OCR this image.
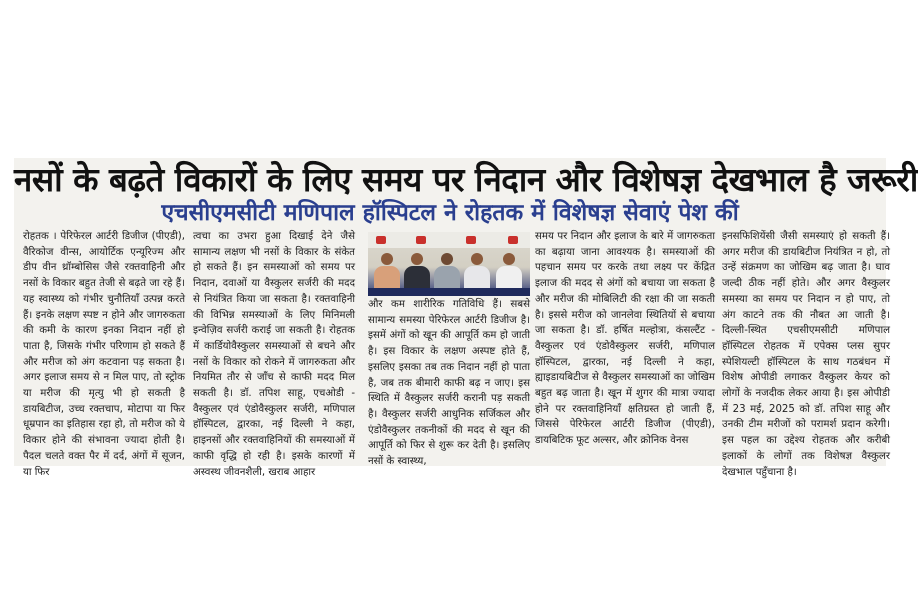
नसों के बढ़ते विकारों के लिए समय पर निदान और विशेषज्ञ देखभाल है जरूरी
एचसीएमसीटी मणिपाल हॉस्पिटल ने रोहतक में विशेषज्ञ सेवाएं पेश कीं
रोहतक । पेरिफेरल आर्टरी डिजीज (पीएडी), वैरिकोज वीन्स, आयोर्टिक एन्यूरिज्म और डीप वीन थ्रॉम्बोसिस जैसे रक्तवाहिनी और नसों के विकार बहुत तेजी से बढ़ते जा रहे हैं। यह स्वास्थ्य को गंभीर चुनौतियाँ उत्पन्न करते हैं। इनके लक्षण स्पष्ट न होने और जागरुकता की कमी के कारण इनका निदान नहीं हो पाता है, जिसके गंभीर परिणाम हो सकते हैं और मरीज को अंग कटवाना पड़ सकता है। अगर इलाज समय से न मिल पाए, तो स्ट्रोक या मरीज की मृत्यु भी हो सकती है डायबिटीज, उच्च रक्तचाप, मोटापा या फिर धूम्रपान का इतिहास रहा हो, तो मरीज को ये विकार होने की संभावना ज्यादा होती है। पैदल चलते वक्त पैर में दर्द, अंगों में सूजन, या फिर
त्वचा का उभरा हुआ दिखाई देने जैसे सामान्य लक्षण भी नसों के विकार के संकेत हो सकते हैं। इन समस्याओं को समय पर निदान, दवाओं या वैस्कुलर सर्जरी की मदद से नियंत्रित किया जा सकता है। रक्तवाहिनी की विभिन्न समस्याओं के लिए मिनिमली इन्वेज़िव सर्जरी कराई जा सकती है। रोहतक में कार्डियोवैस्कुलर समस्याओं से बचने और नसों के विकार को रोकने में जागरुकता और नियमित तौर से जाँच से काफी मदद मिल सकती है। डॉ. तपिश साहू, एचओडी - वैस्कुलर एवं एंडोवैस्कुलर सर्जरी, मणिपाल हॉस्पिटल, द्वारका, नई दिल्ली ने कहा, हाइनसों और रक्तवाहिनियों की समस्याओं में काफी वृद्धि हो रही है। इसके कारणों में अस्वस्थ जीवनशैली, खराब आहार
और कम शारीरिक गतिविधि हैं। सबसे सामान्य समस्या पेरिफेरल आर्टरी डिजीज है। इसमें अंगों को खून की आपूर्ति कम हो जाती है। इस विकार के लक्षण अस्पष्ट होते हैं, इसलिए इसका तब तक निदान नहीं हो पाता है, जब तक बीमारी काफी बढ़ न जाए। इस स्थिति में वैस्कुलर सर्जरी करानी पड़ सकती है। वैस्कुलर सर्जरी आधुनिक सर्जिकल और एंडोवैस्कुलर तकनीकों की मदद से खून की आपूर्ति को फिर से शुरू कर देती है। इसलिए नसों के स्वास्थ्य,
समय पर निदान और इलाज के बारे में जागरुकता का बढ़ाया जाना आवश्यक है। समस्याओं की पहचान समय पर करके तथा लक्ष्य पर केंद्रित इलाज की मदद से अंगों को बचाया जा सकता है और मरीज की मोबिलिटी की रक्षा की जा सकती है। इससे मरीज को जानलेवा स्थितियों से बचाया जा सकता है। डॉ. हर्षित मल्होत्रा, कंसल्टैंट - वैस्कुलर एवं एंडोवैस्कुलर सर्जरी, मणिपाल हॉस्पिटल, द्वारका, नई दिल्ली ने कहा, ह्याइडायबिटीज से वैस्कुलर समस्याओं का जोखिम बहुत बढ़ जाता है। खून में शुगर की मात्रा ज्यादा होने पर रक्तवाहिनियाँ क्षतिग्रस्त हो जाती हैं, जिससे पेरिफेरल आर्टरी डिजीज (पीएडी), डायबिटिक फूट अल्सर, और क्रोनिक वेनस
इनसफिशियेंसी जैसी समस्याएं हो सकती हैं। अगर मरीज की डायबिटीज नियंत्रित न हो, तो उन्हें संक्रमण का जोखिम बढ़ जाता है। घाव जल्दी ठीक नहीं होते। और अगर वैस्कुलर समस्या का समय पर निदान न हो पाए, तो अंग काटने तक की नौबत आ जाती है। दिल्ली-स्थित एचसीएमसीटी मणिपाल हॉस्पिटल रोहतक में एपेक्स प्लस सुपर स्पेशियल्टी हॉस्पिटल के साथ गठबंधन में विशेष ओपीडी लगाकर वैस्कुलर केयर को लोगों के नजदीक लेकर आया है। इस ओपीडी में 23 मई, 2025 को डॉ. तपिश साहू और उनकी टीम मरीजों को परामर्श प्रदान करेगी। इस पहल का उद्देश्य रोहतक और करीबी इलाकों के लोगों तक विशेषज्ञ वैस्कुलर देखभाल पहुँचाना है।
